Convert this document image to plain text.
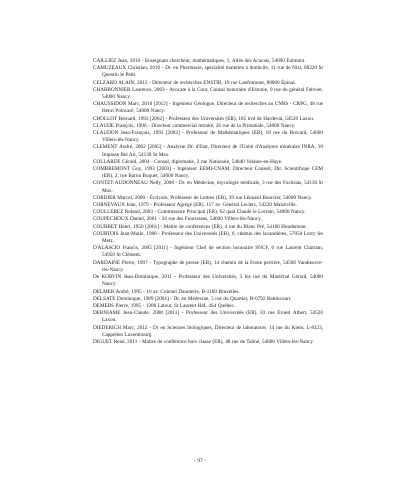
CAILLIEZ Jean, 2010 - Enseignant chercheur, mathématiques, 1, Allée des Acacias, 54690 Eulmont.

CAMUZEAUX Christian, 2010 - Dr. en Pharmacie, spécialité maintien à domicile, 11 rue de Nizi, 08220 St Quentin le Petit.

CELZARD ALAIN, 2012 - Directeur de recherches ENSTIB, 19 rue Lanfromont, 88000 Épinal.

CHARBONNIER Laurence, 2003 - Avocate à la Cour, Consul honoraire d'Estonie, 9 rue du général Fabvier, 54000 Nancy.

CHAUSSIDON Marc, 2010 [2012] - Ingénieur Géologue, Directeur de recherches au CNRS - CRPG, 48 rue Henri Poincaré, 54000 Nancy.

CHOLLOT Bernard, 1993 [2002] - Professeur des Universités (ER), 105 bvd de Hardeval, 54520 Laxou.

CLAUDE François, 1996 - Directeur commercial retraité, 26 rue de la Primatiale, 54000 Nancy.

CLAUDON Jean-François, 1993 [2002] - Professeur de Mathématiques (ER), 18 rue du Brocard, 54600 Villers-lès-Nancy.

CLEMENT André, 2002 [2005] - Analyste Dr. d'Etat, Directeur de l'Unité d'Analyses minérales INRA, 10 Impasse Bel Air, 54130 St Max.

COLLARDE Gérald, 2004 - Consul, diplomatie, 3 rue Nationale, 54840 Velaine-en-Haye.

COMBREMONT Guy, 1993 [2003] - Ingénieur EEMI-CNAM, Directeur Conseil, Dir. Scientifique CEM (ER), 2, rue Baron Buquet, 54000 Nancy.

CONTET-AUDONNEAU Nelly, 2008 - Dr. en Médecine, mycologie médicale, 3 rue des Fuchsias, 54130 St Max.

CORDIER Marcel, 2000 - Écrivain, Professeur de Lettres (ER), 39 rue Léonard Bourcier, 54000 Nancy.

CORNEVAUX Jean, 1979 - Professeur Agrégé (ER), 117 av. Général Leclerc, 54220 Malzéville.

COULLEREZ Roland, 2003 - Commissaire Principal (ER), 62 quai Claude le Lorrain, 54000 Nancy.

COUPECHOUX Daniel, 2001 - 34 rue des Fourrasses, 54600 Villers-lès-Nancy.

COURBET Henri, 1950 [2001] - Maître de conférences (ER), 4 rue du Blanc Pré, 54180 Houdemont.

COURTOIS Jean-Marie, 1988 - Professeur des Universités (ER), 6, chemin des lavandières, 57050 Lorry lès Metz.

D'ALASCIO Francis, 2005 [2011] - Ingénieur Chef de section honoraire SNCF, 6 rue Laurent Chatrian, 54950 St Clément.

DARDAINE Pierre, 1997 - Typographe de presse (ER), 14 chemin de la Fosse perrière, 54500 Vandœuvre-lès-Nancy.

De KORVIN Jean-Dominique, 2011 - Professeur des Universités, 3 bis rue du Maréchal Gérard, 54000 Nancy.

DELMER André, 1995 - 16 av. Colonel Daumerie, B-1160 Bruxelles.

DELSATE Dominique, 1989 [2001] - Dr. en Médecine, 5 rue du Quartier, B-6792 Battincourt.

DEMERS Pierre, 1995 - 1200 Latour, St Laurent H4L 4S4 Québec.

DERNIAME Jean-Claude, 2008 [2011] - Professeur des Universités (ER), 83 rue Ernest Albert, 54520 Laxou.

DIEDERICH Marc, 2012 - Dr en Sciences biologiques, Directeur de laboratoire, 14 rue du Kiem, L-8323, Cappellen Luxembourg.

DIGUET René, 2011 - Maître de conférence hors classe (ER), 48 rue de Taliné, 54600 Villers-lès-Nancy.

- 97 -
